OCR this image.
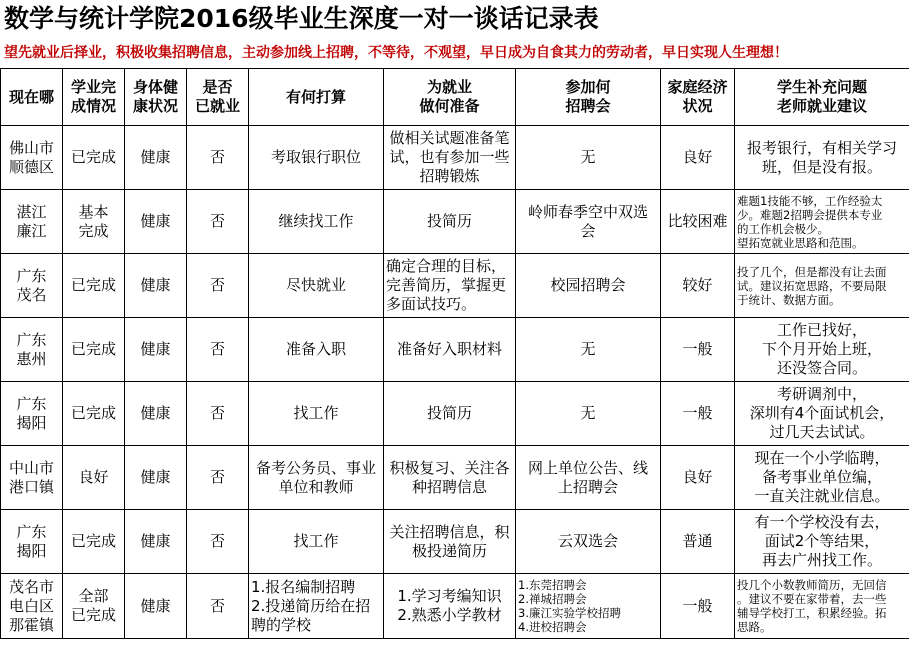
数学与统计学院2016级毕业生深度一对一谈话记录表
望先就业后择业，积极收集招聘信息，主动参加线上招聘，不等待，不观望，早日成为自食其力的劳动者，早日实现人生理想！
现在哪	学业完
成情况	身体健
康状况	是否
已就业	有何打算	为就业
做何准备	参加何
招聘会	家庭经济
状况	学生补充问题
老师就业建议
佛山市
顺德区	已完成	健康	否	考取银行职位	做相关试题准备笔
试，也有参加一些
招聘锻炼	无	良好	报考银行，有相关学习
班，但是没有报。
湛江
廉江	基本
完成	健康	否	继续找工作	投简历	岭师春季空中双选
会	比较困难	难题1技能不够，工作经验太
少。难题2招聘会提供本专业
的工作机会极少。
望拓宽就业思路和范围。
广东
茂名	已完成	健康	否	尽快就业	确定合理的目标，
完善简历，掌握更
多面试技巧。	校园招聘会	较好	投了几个，但是都没有让去面
试。建议拓宽思路，不要局限
于统计、数据方面。
广东
惠州	已完成	健康	否	准备入职	准备好入职材料	无	一般	工作已找好，
下个月开始上班，
还没签合同。
广东
揭阳	已完成	健康	否	找工作	投简历	无	一般	考研调剂中，
深圳有4个面试机会，
过几天去试试。
中山市
港口镇	良好	健康	否	备考公务员、事业
单位和教师	积极复习、关注各
种招聘信息	网上单位公告、线
上招聘会	良好	现在一个小学临聘，
备考事业单位编，
一直关注就业信息。
广东
揭阳	已完成	健康	否	找工作	关注招聘信息，积
极投递简历	云双选会	普通	有一个学校没有去，
面试2个等结果，
再去广州找工作。
茂名市
电白区
那霍镇	全部
已完成	健康	否	1.报名编制招聘
2.投递简历给在招
聘的学校	1.学习考编知识
2.熟悉小学教材	1.东莞招聘会
2.禅城招聘会
3.廉江实验学校招聘
4.进校招聘会	一般	投几个小数教师简历，无回信
。建议不要在家带着，去一些
辅导学校打工，积累经验。拓
思路。
